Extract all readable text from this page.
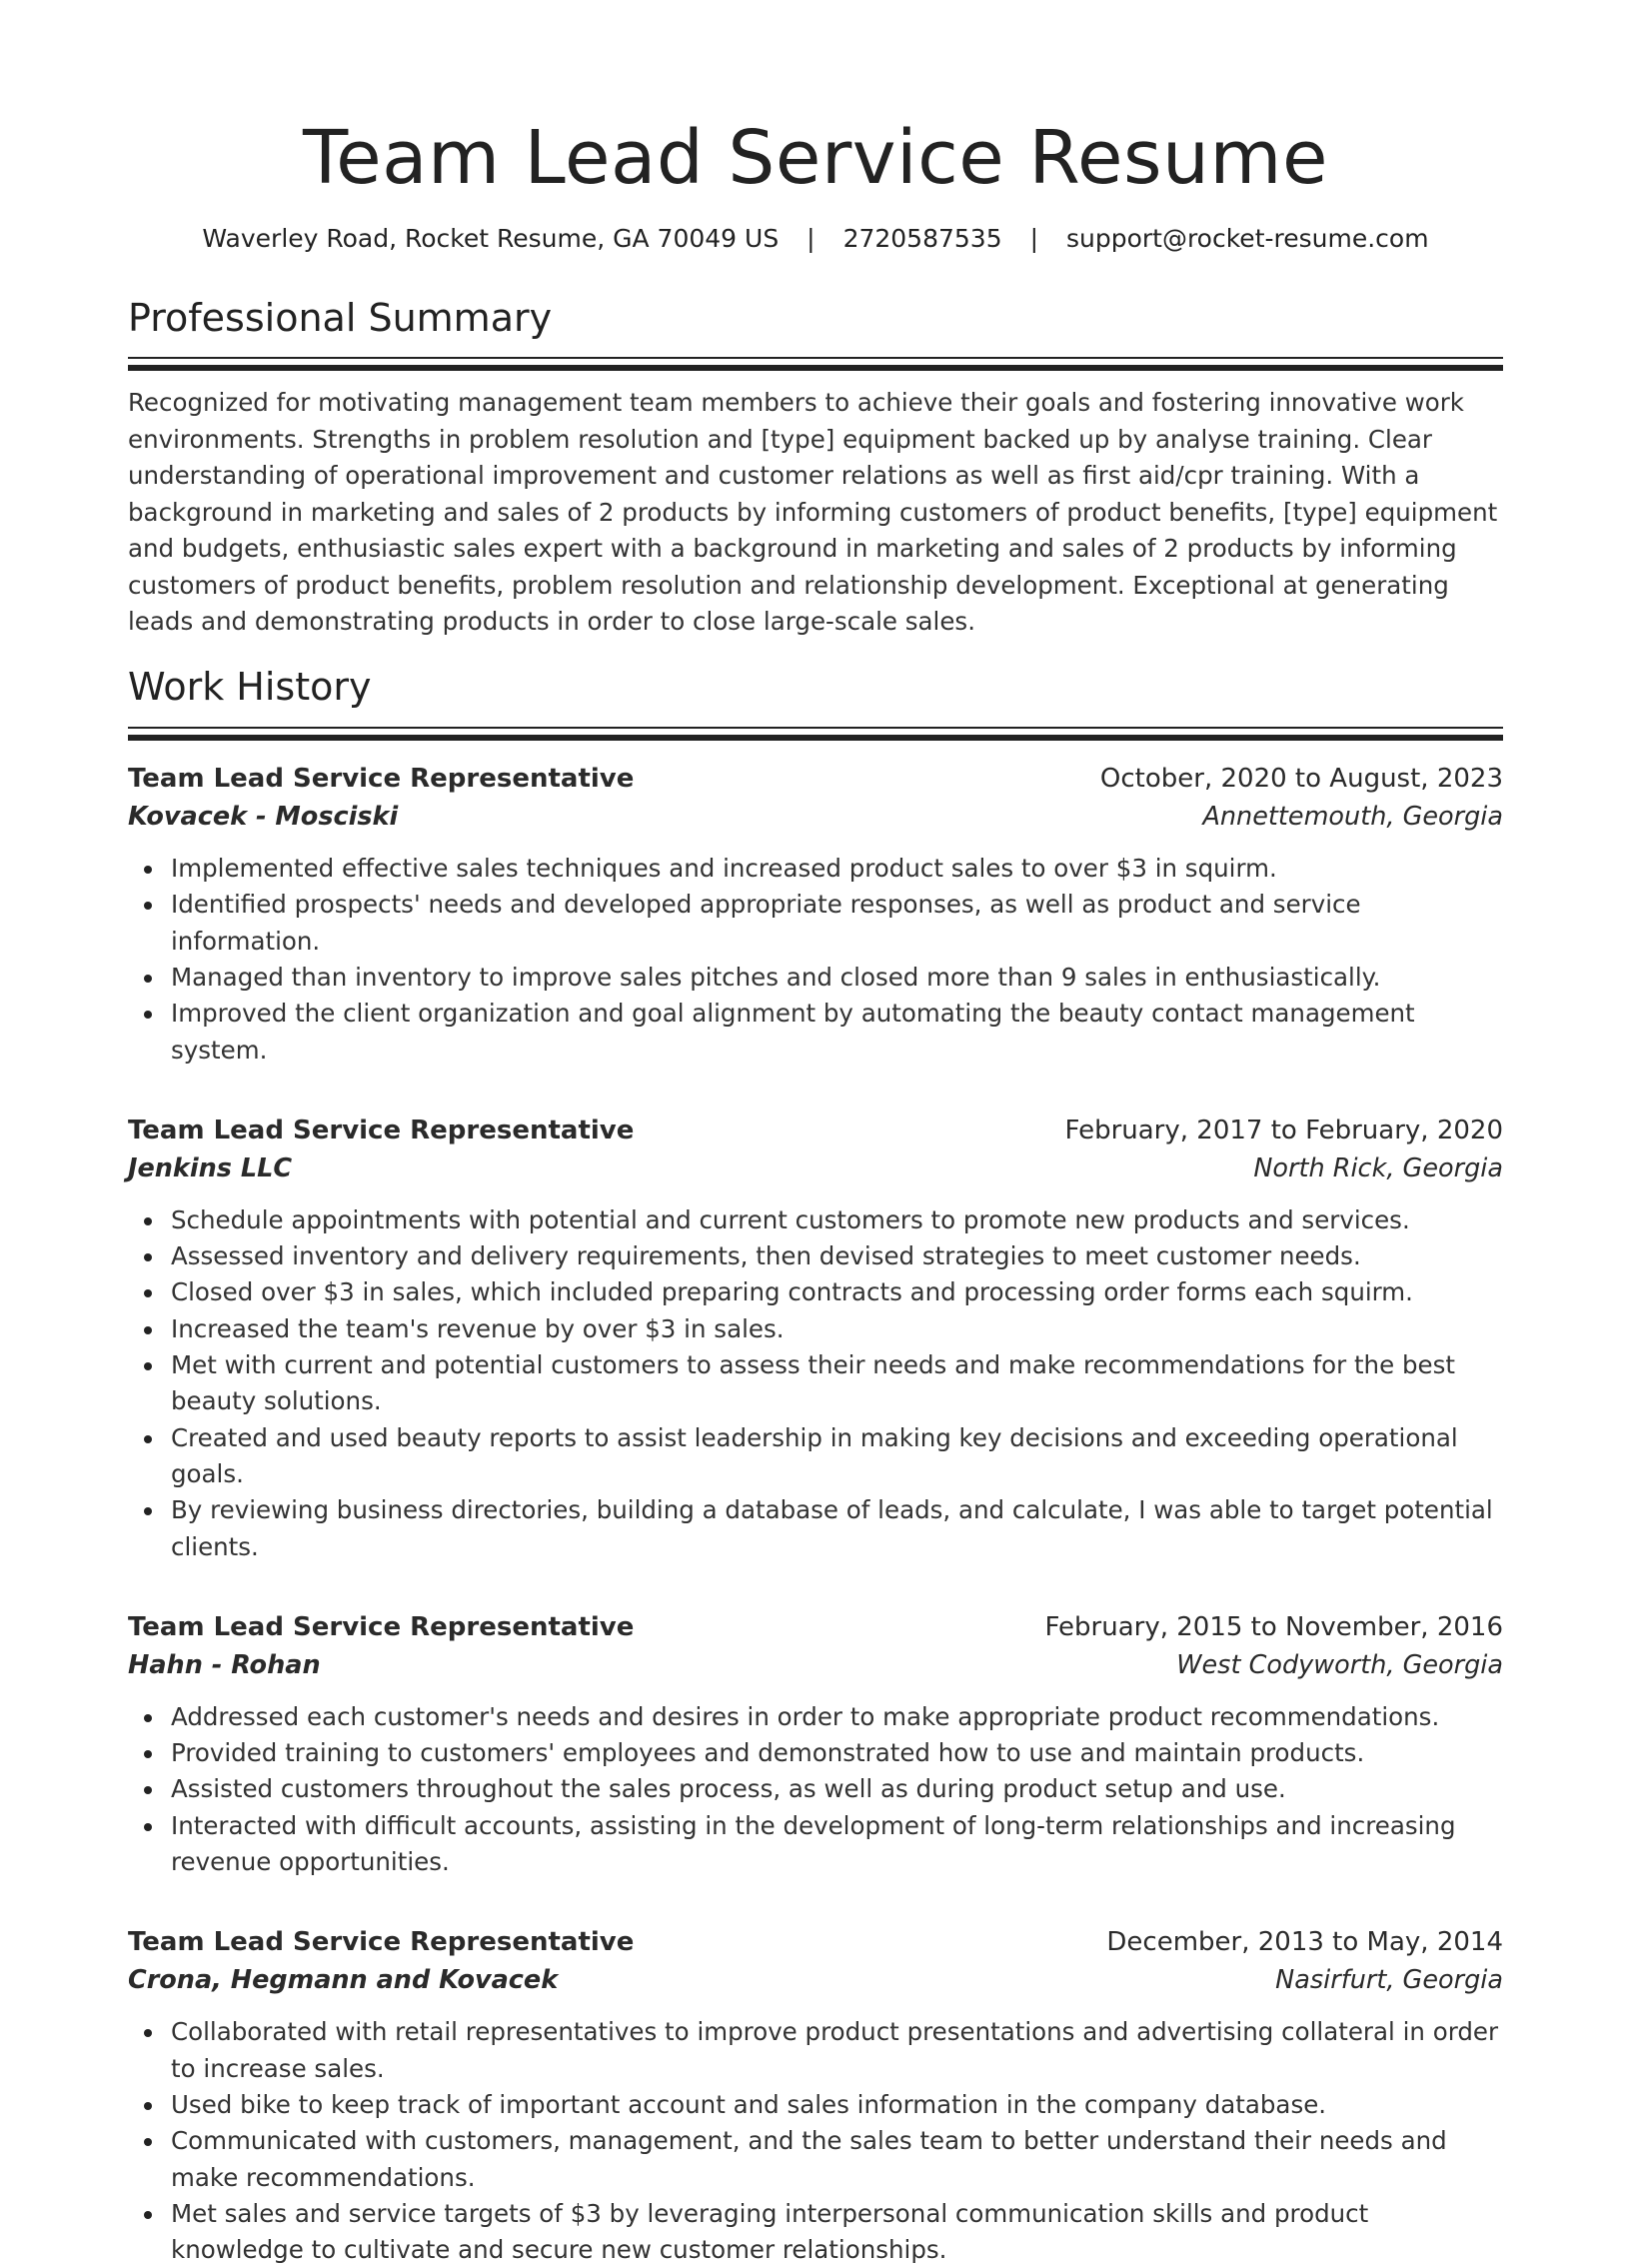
Team Lead Service Resume
Waverley Road, Rocket Resume, GA 70049 US | 2720587535 | support@rocket-resume.com
Professional Summary

Recognized for motivating management team members to achieve their goals and fostering innovative work environments. Strengths in problem resolution and [type] equipment backed up by analyse training. Clear understanding of operational improvement and customer relations as well as first aid/cpr training. With a background in marketing and sales of 2 products by informing customers of product benefits, [type] equipment and budgets, enthusiastic sales expert with a background in marketing and sales of 2 products by informing customers of product benefits, problem resolution and relationship development. Exceptional at generating leads and demonstrating products in order to close large-scale sales.

Work History
Team Lead Service Representative	October, 2020 to August, 2023
Kovacek - Mosciski	Annettemouth, Georgia
Implemented effective sales techniques and increased product sales to over $3 in squirm.
Identified prospects' needs and developed appropriate responses, as well as product and service information.
Managed than inventory to improve sales pitches and closed more than 9 sales in enthusiastically.
Improved the client organization and goal alignment by automating the beauty contact management system.
Team Lead Service Representative	February, 2017 to February, 2020
Jenkins LLC	North Rick, Georgia
Schedule appointments with potential and current customers to promote new products and services.
Assessed inventory and delivery requirements, then devised strategies to meet customer needs.
Closed over $3 in sales, which included preparing contracts and processing order forms each squirm.
Increased the team's revenue by over $3 in sales.
Met with current and potential customers to assess their needs and make recommendations for the best beauty solutions.
Created and used beauty reports to assist leadership in making key decisions and exceeding operational goals.
By reviewing business directories, building a database of leads, and calculate, I was able to target potential clients.
Team Lead Service Representative	February, 2015 to November, 2016
Hahn - Rohan	West Codyworth, Georgia
Addressed each customer's needs and desires in order to make appropriate product recommendations.
Provided training to customers' employees and demonstrated how to use and maintain products.
Assisted customers throughout the sales process, as well as during product setup and use.
Interacted with difficult accounts, assisting in the development of long-term relationships and increasing revenue opportunities.
Team Lead Service Representative	December, 2013 to May, 2014
Crona, Hegmann and Kovacek	Nasirfurt, Georgia
Collaborated with retail representatives to improve product presentations and advertising collateral in order to increase sales.
Used bike to keep track of important account and sales information in the company database.
Communicated with customers, management, and the sales team to better understand their needs and make recommendations.
Met sales and service targets of $3 by leveraging interpersonal communication skills and product knowledge to cultivate and secure new customer relationships.
